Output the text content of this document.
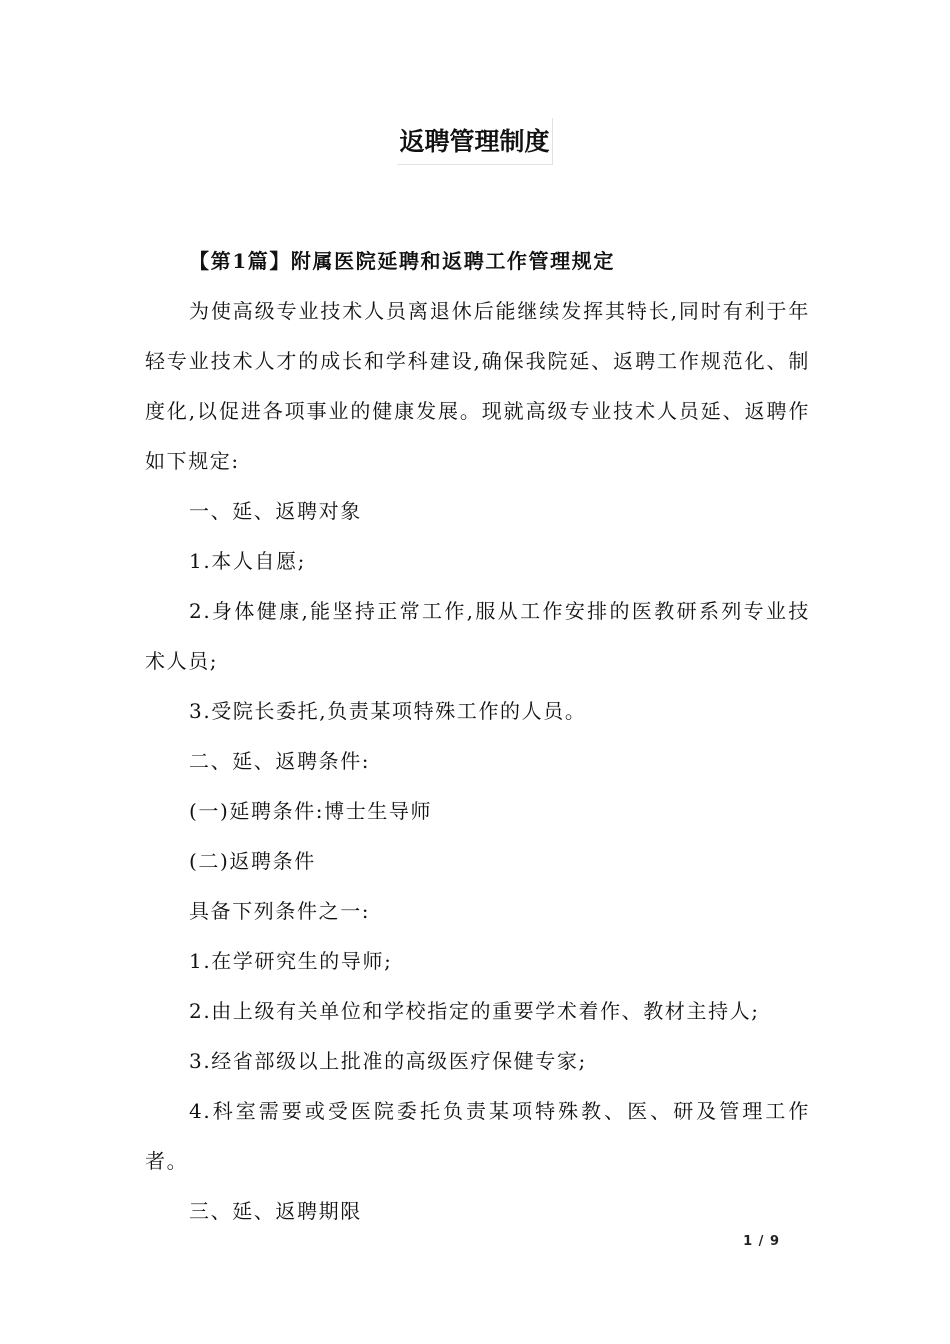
返聘管理制度

【第1篇】附属医院延聘和返聘工作管理规定

为使高级专业技术人员离退休后能继续发挥其特长,同时有利于年轻专业技术人才的成长和学科建设,确保我院延、返聘工作规范化、制度化,以促进各项事业的健康发展。现就高级专业技术人员延、返聘作如下规定:

一、延、返聘对象

1.本人自愿;

2.身体健康,能坚持正常工作,服从工作安排的医教研系列专业技术人员;

3.受院长委托,负责某项特殊工作的人员。

二、延、返聘条件:

(一)延聘条件:博士生导师

(二)返聘条件

具备下列条件之一:

1.在学研究生的导师;

2.由上级有关单位和学校指定的重要学术着作、教材主持人;

3.经省部级以上批准的高级医疗保健专家;

4.科室需要或受医院委托负责某项特殊教、医、研及管理工作者。

三、延、返聘期限

1 / 9
